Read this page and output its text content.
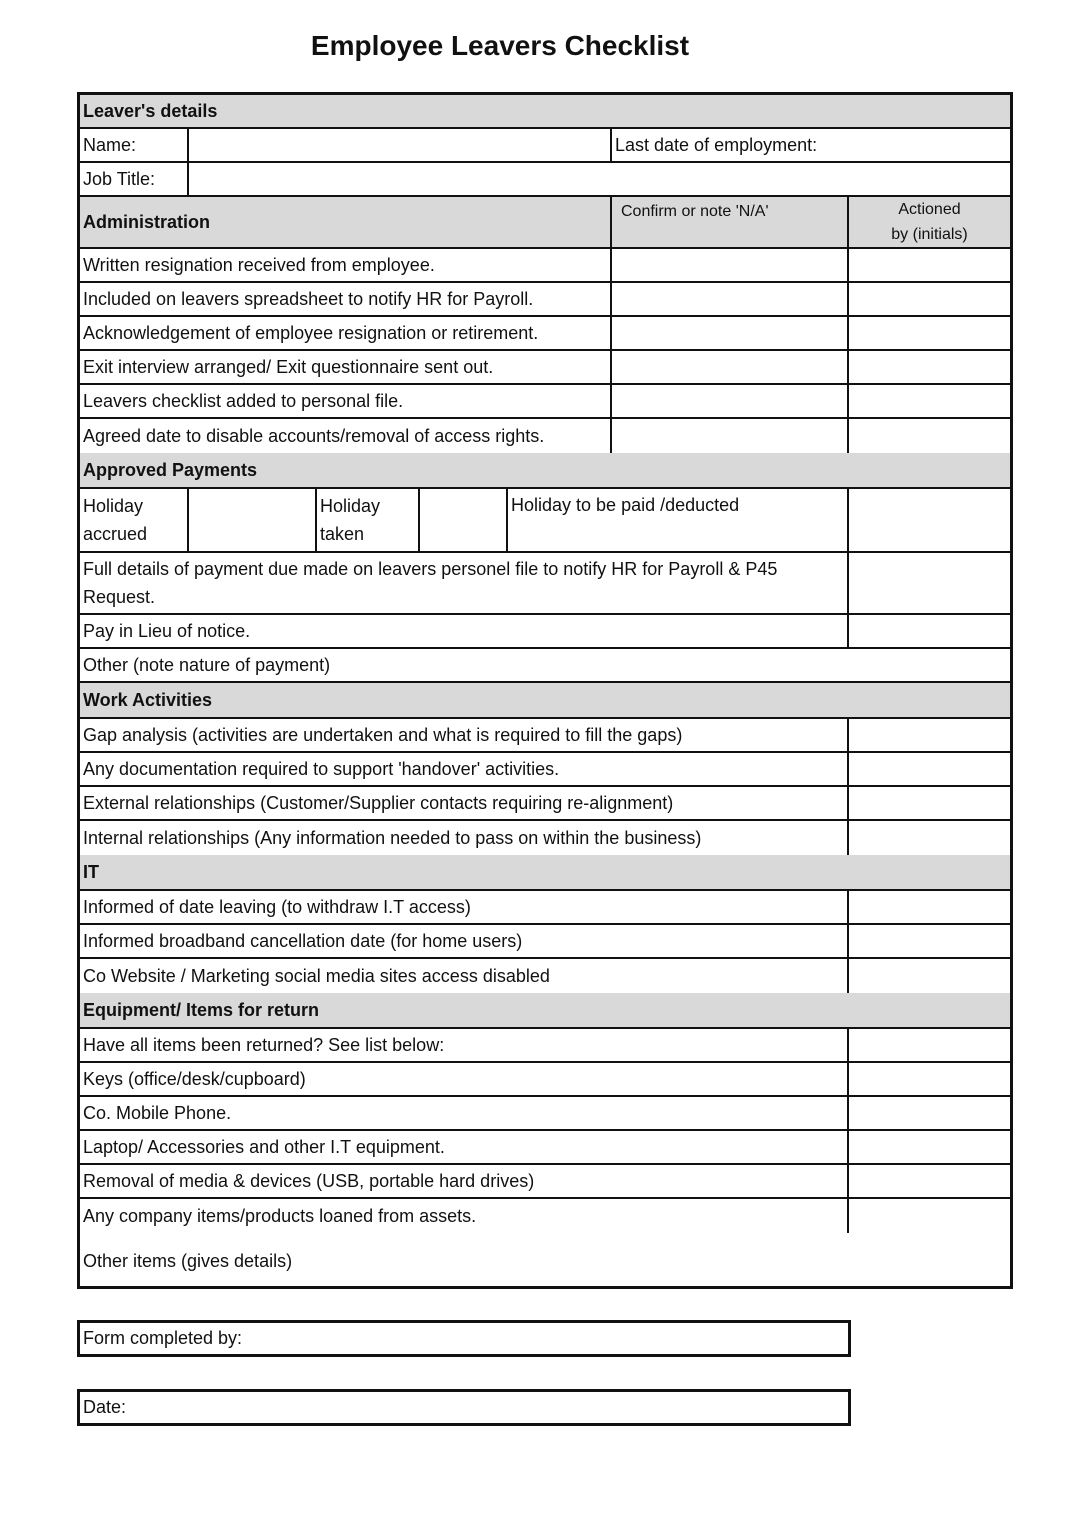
Employee Leavers Checklist
Leaver's details
Name:	Last date of employment:
Job Title:
Administration
Confirm or note 'N/A'	Actioned by (initials)
Written resignation received from employee.
Included on leavers spreadsheet to notify HR for Payroll.
Acknowledgement of employee resignation or retirement.
Exit interview arranged/ Exit questionnaire sent out.
Leavers checklist added to personal file.
Agreed date to disable accounts/removal of access rights.
Approved Payments
Holiday accrued
Holiday taken
Holiday to be paid /deducted
Full details of payment due made on leavers personel file to notify HR for Payroll & P45 Request.
Pay in Lieu of notice.
Other (note nature of payment)
Work Activities
Gap analysis (activities are undertaken and what is required to fill the gaps)
Any documentation required to support 'handover' activities.
External relationships (Customer/Supplier contacts requiring re-alignment)
Internal relationships (Any information needed to pass on within the business)
IT
Informed of date leaving (to withdraw I.T access)
Informed broadband cancellation date (for home users)
Co Website / Marketing social media sites access disabled
Equipment/ Items for return
Have all items been returned? See list below:
Keys (office/desk/cupboard)
Co. Mobile Phone.
Laptop/ Accessories and other I.T equipment.
Removal of media & devices (USB, portable hard drives)
Any company items/products loaned from assets.
Other items (gives details)
Form completed by:
Date:
